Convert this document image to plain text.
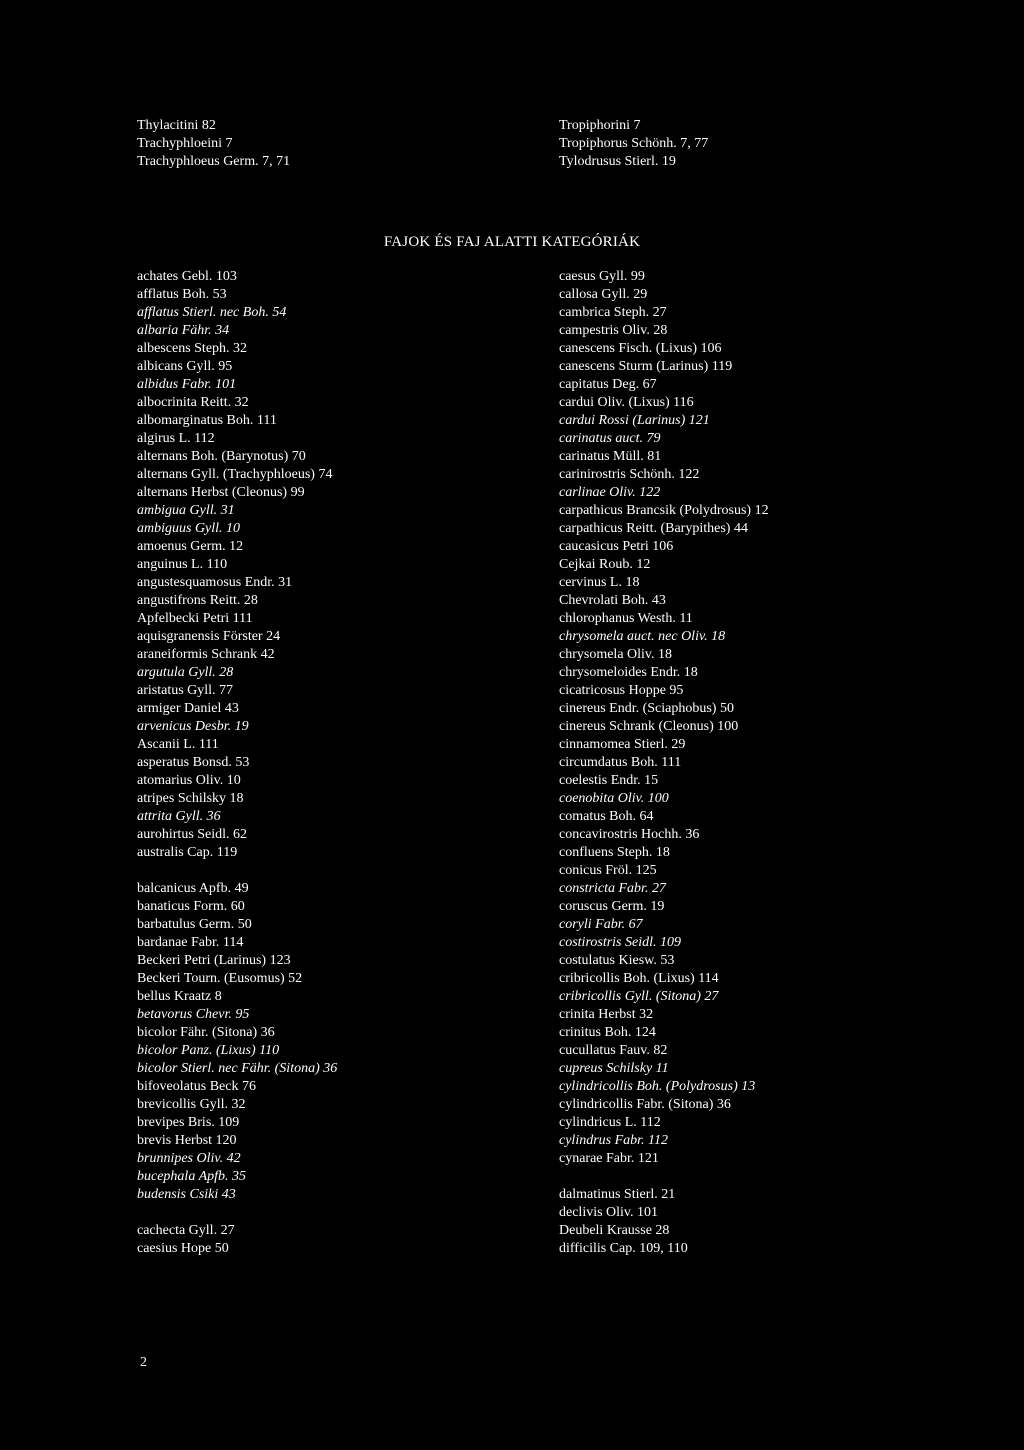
Thylacitini 82
Trachyphloeini 7
Trachyphloeus Germ. 7, 71
Tropiphorini 7
Tropiphorus Schönh. 7, 77
Tylodrusus Stierl. 19
FAJOK ÉS FAJ ALATTI KATEGÓRIÁK
achates Gebl. 103
afflatus Boh. 53
afflatus Stierl. nec Boh. 54
albaria Fähr. 34
albescens Steph. 32
albicans Gyll. 95
albidus Fabr. 101
albocrinita Reitt. 32
albomarginatus Boh. 111
algirus L. 112
alternans Boh. (Barynotus) 70
alternans Gyll. (Trachyphloeus) 74
alternans Herbst (Cleonus) 99
ambigua Gyll. 31
ambiguus Gyll. 10
amoenus Germ. 12
anguinus L. 110
angustesquamosus Endr. 31
angustifrons Reitt. 28
Apfelbecki Petri 111
aquisgranensis Förster 24
araneiformis Schrank 42
argutula Gyll. 28
aristatus Gyll. 77
armiger Daniel 43
arvenicus Desbr. 19
Ascanii L. 111
asperatus Bonsd. 53
atomarius Oliv. 10
atripes Schilsky 18
attrita Gyll. 36
aurohirtus Seidl. 62
australis Cap. 119
balcanicus Apfb. 49
banaticus Form. 60
barbatulus Germ. 50
bardanae Fabr. 114
Beckeri Petri (Larinus) 123
Beckeri Tourn. (Eusomus) 52
bellus Kraatz 8
betavorus Chevr. 95
bicolor Fähr. (Sitona) 36
bicolor Panz. (Lixus) 110
bicolor Stierl. nec Fähr. (Sitona) 36
bifoveolatus Beck 76
brevicollis Gyll. 32
brevipes Bris. 109
brevis Herbst 120
brunnipes Oliv. 42
bucephala Apfb. 35
budensis Csiki 43
cachecta Gyll. 27
caesius Hope 50
caesus Gyll. 99
callosa Gyll. 29
cambrica Steph. 27
campestris Oliv. 28
canescens Fisch. (Lixus) 106
canescens Sturm (Larinus) 119
capitatus Deg. 67
cardui Oliv. (Lixus) 116
cardui Rossi (Larinus) 121
carinatus auct. 79
carinatus Müll. 81
carinirostris Schönh. 122
carlinae Oliv. 122
carpathicus Brancsik (Polydrosus) 12
carpathicus Reitt. (Barypithes) 44
caucasicus Petri 106
Cejkai Roub. 12
cervinus L. 18
Chevrolati Boh. 43
chlorophanus Westh. 11
chrysomela auct. nec Oliv. 18
chrysomela Oliv. 18
chrysomeloides Endr. 18
cicatricosus Hoppe 95
cinereus Endr. (Sciaphobus) 50
cinereus Schrank (Cleonus) 100
cinnamomea Stierl. 29
circumdatus Boh. 111
coelestis Endr. 15
coenobita Oliv. 100
comatus Boh. 64
concavirostris Hochh. 36
confluens Steph. 18
conicus Fröl. 125
constricta Fabr. 27
coruscus Germ. 19
coryli Fabr. 67
costirostris Seidl. 109
costulatus Kiesw. 53
cribricollis Boh. (Lixus) 114
cribricollis Gyll. (Sitona) 27
crinita Herbst 32
crinitus Boh. 124
cucullatus Fauv. 82
cupreus Schilsky 11
cylindricollis Boh. (Polydrosus) 13
cylindricollis Fabr. (Sitona) 36
cylindricus L. 112
cylindrus Fabr. 112
cynarae Fabr. 121
dalmatinus Stierl. 21
declivis Oliv. 101
Deubeli Krausse 28
difficilis Cap. 109, 110
2
